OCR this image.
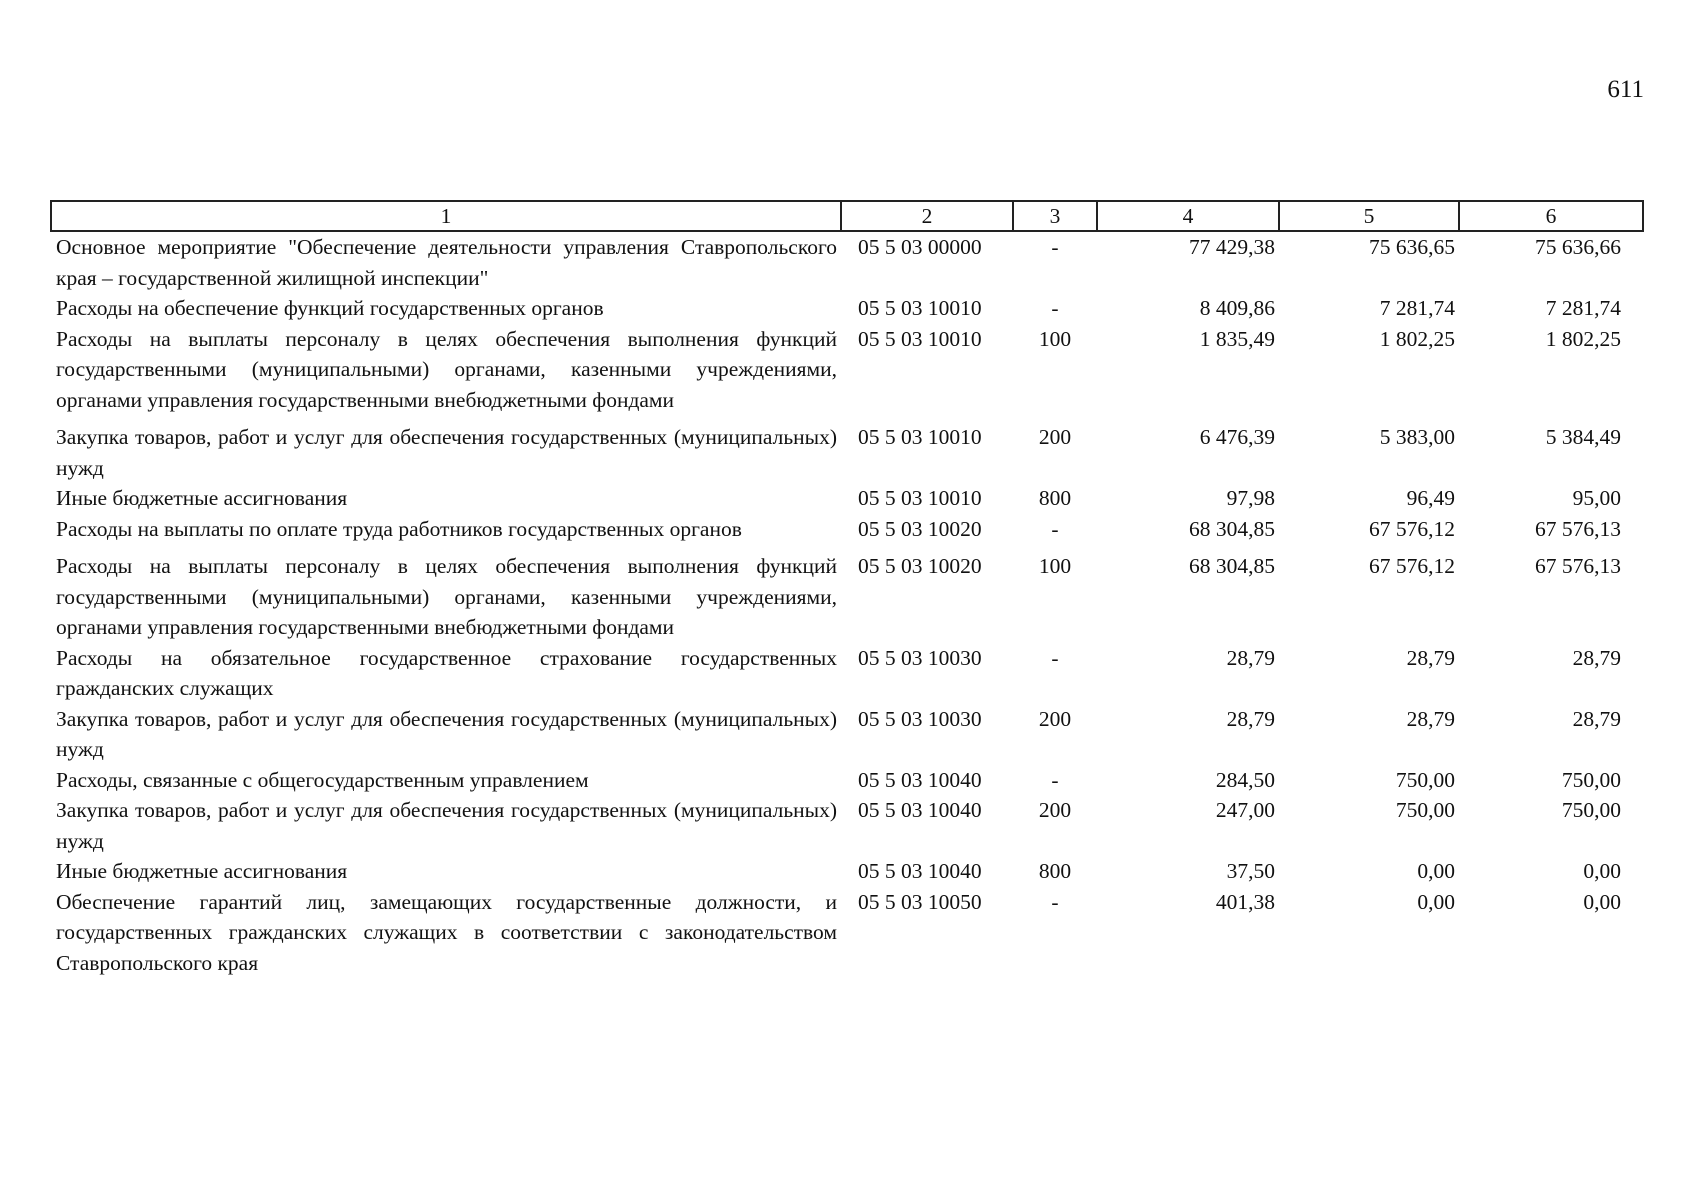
611
1	2	3	4	5	6
Основное мероприятие "Обеспечение деятельности управления Ставропольского края – государственной жилищной инспекции"	05 5 03 00000	-	77 429,38	75 636,65	75 636,66
Расходы на обеспечение функций государственных органов	05 5 03 10010	-	8 409,86	7 281,74	7 281,74
Расходы на выплаты персоналу в целях обеспечения выполнения функций государственными (муниципальными) органами, казенными учреждениями, органами управления государственными внебюджетными фондами	05 5 03 10010	100	1 835,49	1 802,25	1 802,25
Закупка товаров, работ и услуг для обеспечения государственных (муниципальных) нужд	05 5 03 10010	200	6 476,39	5 383,00	5 384,49
Иные бюджетные ассигнования	05 5 03 10010	800	97,98	96,49	95,00
Расходы на выплаты по оплате труда работников государственных органов	05 5 03 10020	-	68 304,85	67 576,12	67 576,13
Расходы на выплаты персоналу в целях обеспечения выполнения функций государственными (муниципальными) органами, казенными учреждениями, органами управления государственными внебюджетными фондами	05 5 03 10020	100	68 304,85	67 576,12	67 576,13
Расходы на обязательное государственное страхование государственных гражданских служащих	05 5 03 10030	-	28,79	28,79	28,79
Закупка товаров, работ и услуг для обеспечения государственных (муниципальных) нужд	05 5 03 10030	200	28,79	28,79	28,79
Расходы, связанные с общегосударственным управлением	05 5 03 10040	-	284,50	750,00	750,00
Закупка товаров, работ и услуг для обеспечения государственных (муниципальных) нужд	05 5 03 10040	200	247,00	750,00	750,00
Иные бюджетные ассигнования	05 5 03 10040	800	37,50	0,00	0,00
Обеспечение гарантий лиц, замещающих государственные должности, и государственных гражданских служащих в соответствии с законодательством Ставропольского края	05 5 03 10050	-	401,38	0,00	0,00
